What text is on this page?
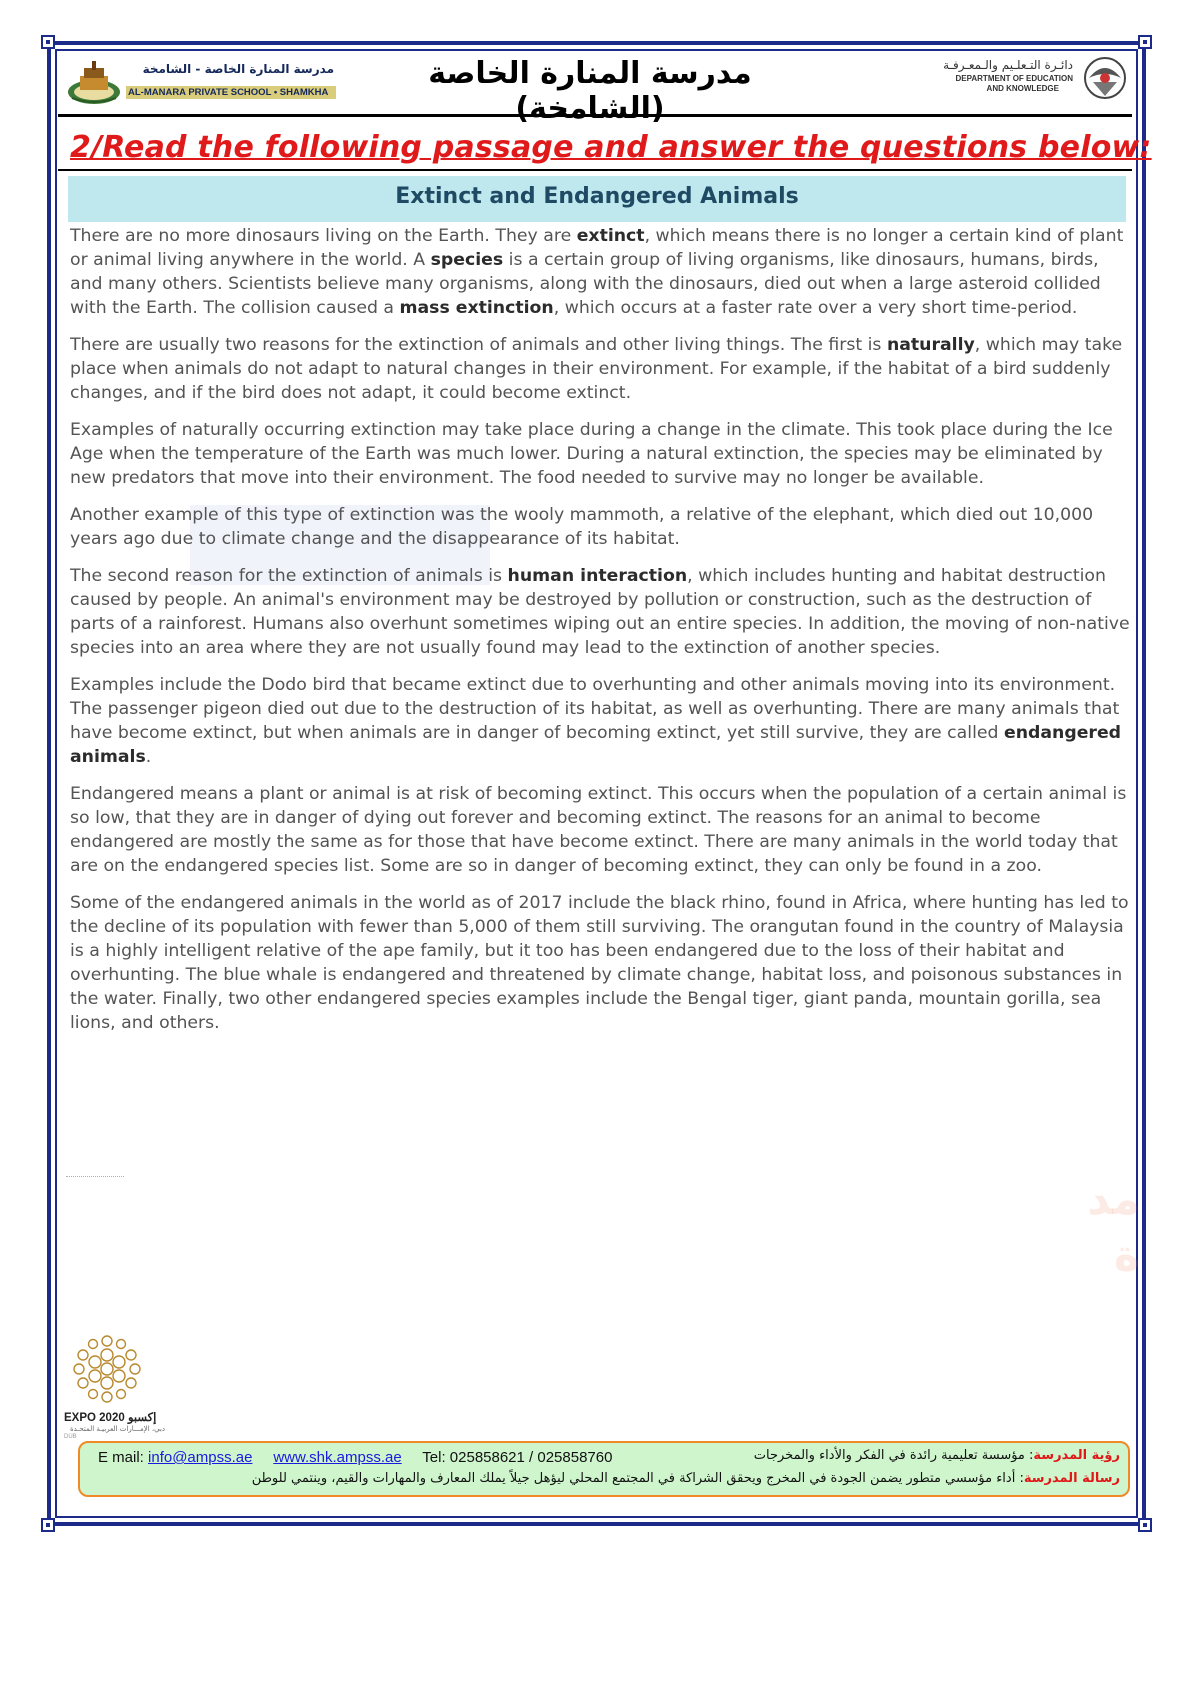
مدرسة المنارة الخاصة - الشامخة
AL-MANARA PRIVATE SCHOOL • SHAMKHA
مدرسة المنارة الخاصة (الشامخة)
دائـرة التـعلـيم والـمعـرفـة
DEPARTMENT OF EDUCATION
AND KNOWLEDGE
2/Read the following passage and answer the questions below:
Extinct and Endangered Animals

There are no more dinosaurs living on the Earth. They are extinct, which means there is no longer a certain kind of plant or animal living anywhere in the world. A species is a certain group of living organisms, like dinosaurs, humans, birds, and many others. Scientists believe many organisms, along with the dinosaurs, died out when a large asteroid collided with the Earth. The collision caused a mass extinction, which occurs at a faster rate over a very short time-period.

There are usually two reasons for the extinction of animals and other living things. The first is naturally, which may take place when animals do not adapt to natural changes in their environment. For example, if the habitat of a bird suddenly changes, and if the bird does not adapt, it could become extinct.

Examples of naturally occurring extinction may take place during a change in the climate. This took place during the Ice Age when the temperature of the Earth was much lower. During a natural extinction, the species may be eliminated by new predators that move into their environment. The food needed to survive may no longer be available.

Another example of this type of extinction was the wooly mammoth, a relative of the elephant, which died out 10,000 years ago due to climate change and the disappearance of its habitat.

The second reason for the extinction of animals is human interaction, which includes hunting and habitat destruction caused by people. An animal's environment may be destroyed by pollution or construction, such as the destruction of parts of a rainforest. Humans also overhunt sometimes wiping out an entire species. In addition, the moving of non-native species into an area where they are not usually found may lead to the extinction of another species.

Examples include the Dodo bird that became extinct due to overhunting and other animals moving into its environment. The passenger pigeon died out due to the destruction of its habitat, as well as overhunting. There are many animals that have become extinct, but when animals are in danger of becoming extinct, yet still survive, they are called endangered animals.

Endangered means a plant or animal is at risk of becoming extinct. This occurs when the population of a certain animal is so low, that they are in danger of dying out forever and becoming extinct. The reasons for an animal to become endangered are mostly the same as for those that have become extinct. There are many animals in the world today that are on the endangered species list. Some are so in danger of becoming extinct, they can only be found in a zoo.

Some of the endangered animals in the world as of 2017 include the black rhino, found in Africa, where hunting has led to the decline of its population with fewer than 5,000 of them still surviving. The orangutan found in the country of Malaysia is a highly intelligent relative of the ape family, but it too has been endangered due to the loss of their habitat and overhunting. The blue whale is endangered and threatened by climate change, habitat loss, and poisonous substances in the water. Finally, two other endangered species examples include the Bengal tiger, giant panda, mountain gorilla, sea lions, and others.

مد
ة
EXPO 2020 إكسبو
دبي، الإمـــارات العربيـة المتحـدة
DUB
E mail: info@ampss.ae www.shk.ampss.ae Tel: 025858621 / 025858760	رؤية المدرسة: مؤسسة تعليمية رائدة في الفكر والأداء والمخرجات
رسالة المدرسة: أداء مؤسسي متطور يضمن الجودة في المخرج ويحقق الشراكة في المجتمع المحلي ليؤهل جيلاً يملك المعارف والمهارات والقيم، وينتمي للوطن
